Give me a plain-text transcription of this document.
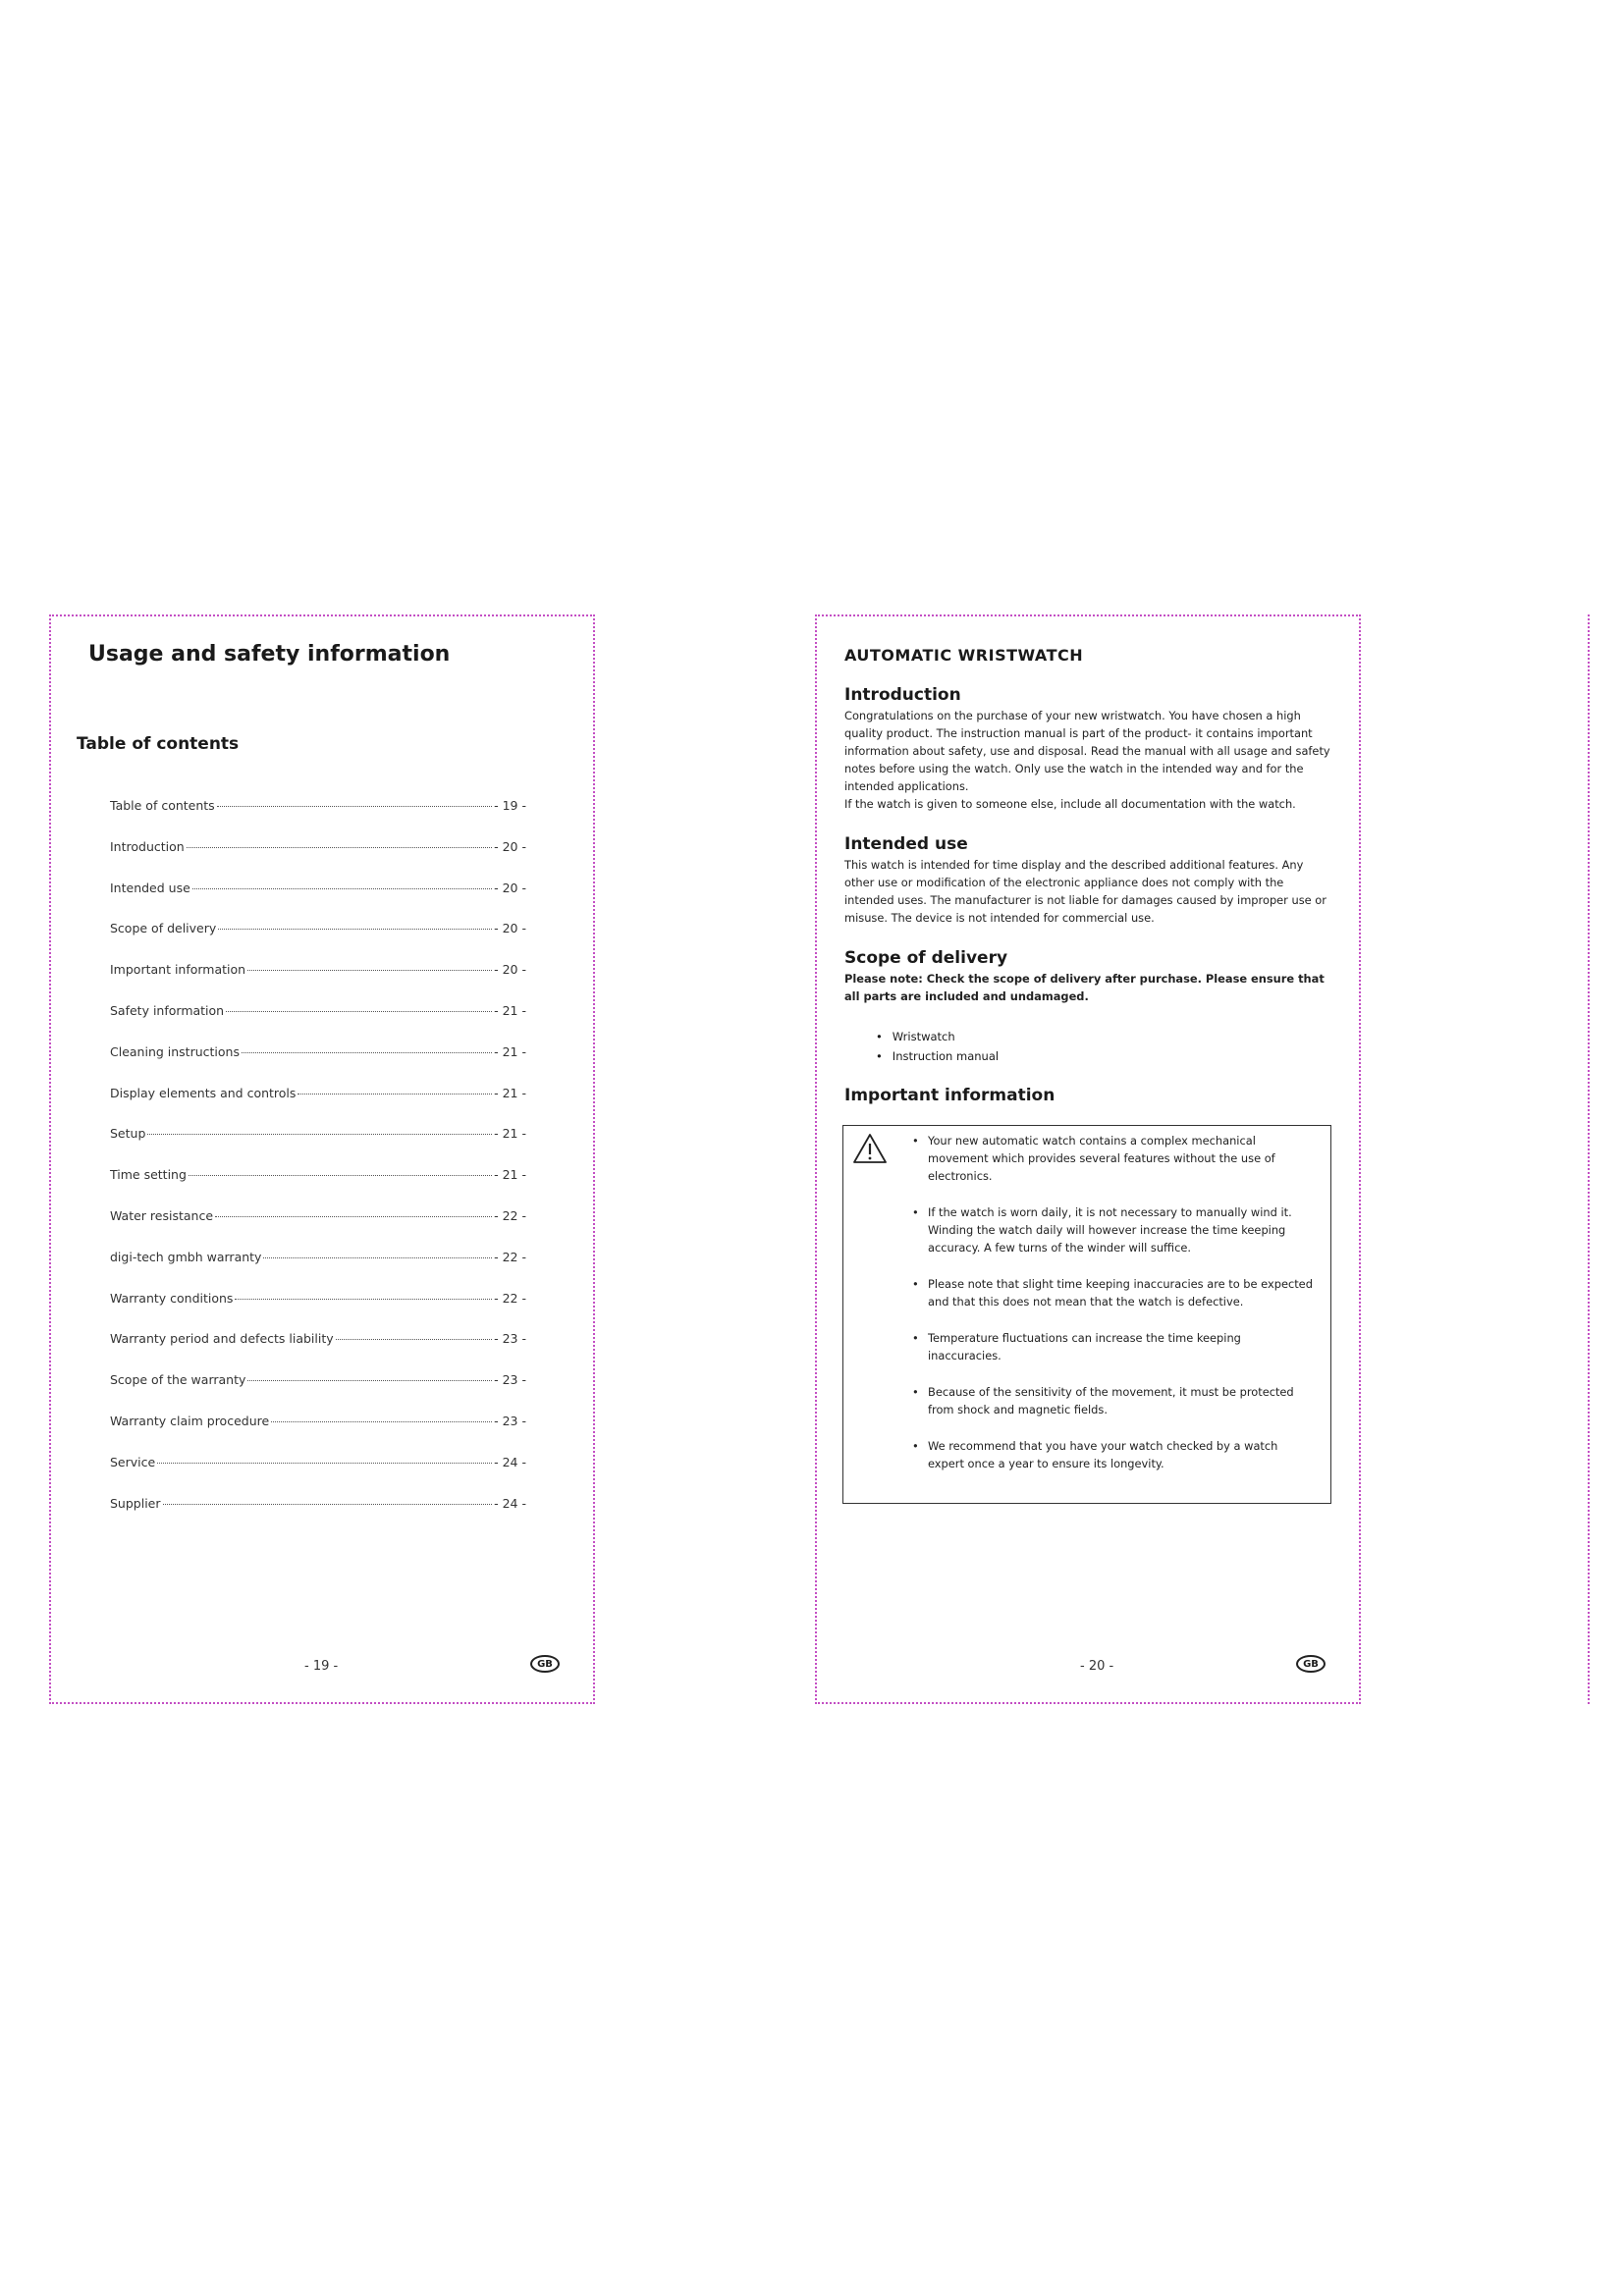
Usage and safety information
Table of contents
Table of contents	- 19 -
Introduction	- 20 -
Intended use	- 20 -
Scope of delivery	- 20 -
Important information	- 20 -
Safety information	- 21 -
Cleaning instructions	- 21 -
Display elements and controls	- 21 -
Setup	- 21 -
Time setting	- 21 -
Water resistance	- 22 -
digi-tech gmbh warranty	- 22 -
Warranty conditions	- 22 -
Warranty period and defects liability	- 23 -
Scope of the warranty	- 23 -
Warranty claim procedure	- 23 -
Service	- 24 -
Supplier	- 24 -
- 19 -	GB
AUTOMATIC WRISTWATCH
Introduction

Congratulations on the purchase of your new wristwatch. You have chosen a high quality product. The instruction manual is part of the product- it contains important information about safety, use and disposal. Read the manual with all usage and safety notes before using the watch. Only use the watch in the intended way and for the intended applications.

If the watch is given to someone else, include all documentation with the watch.

Intended use

This watch is intended for time display and the described additional features. Any other use or modification of the electronic appliance does not comply with the intended uses. The manufacturer is not liable for damages caused by improper use or misuse. The device is not intended for commercial use.

Scope of delivery

Please note: Check the scope of delivery after purchase. Please ensure that all parts are included and undamaged.

• Wristwatch
• Instruction manual
Important information
• Your new automatic watch contains a complex mechanical movement which provides several features without the use of electronics.
• If the watch is worn daily, it is not necessary to manually wind it. Winding the watch daily will however increase the time keeping accuracy. A few turns of the winder will suffice.
• Please note that slight time keeping inaccuracies are to be expected and that this does not mean that the watch is defective.
• Temperature fluctuations can increase the time keeping inaccuracies.
• Because of the sensitivity of the movement, it must be protected from shock and magnetic fields.
• We recommend that you have your watch checked by a watch expert once a year to ensure its longevity.
- 20 -	GB
